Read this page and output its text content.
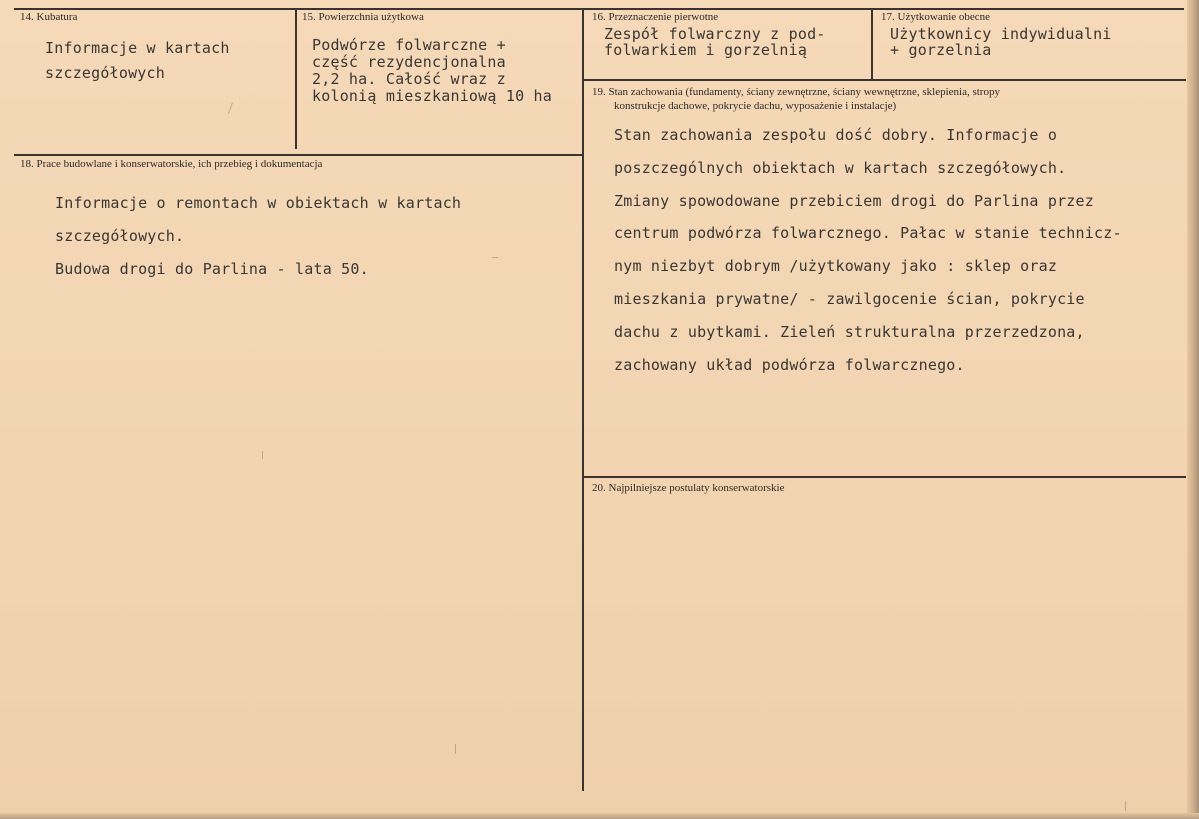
14. Kubatura
Informacje w kartach
szczegółowych
15. Powierzchnia użytkowa
Podwórze folwarczne +
część rezydencjonalna
2,2 ha. Całość wraz z
kolonią mieszkaniową 10 ha
16. Przeznaczenie pierwotne
Zespół folwarczny z pod-
folwarkiem i gorzelnią
17. Użytkowanie obecne
Użytkownicy indywidualni
+ gorzelnia
19. Stan zachowania (fundamenty, ściany zewnętrzne, ściany wewnętrzne, sklepienia, stropy
konstrukcje dachowe, pokrycie dachu, wyposażenie i instalacje)
Stan zachowania zespołu dość dobry. Informacje o
poszczególnych obiektach w kartach szczegółowych.
Zmiany spowodowane przebiciem drogi do Parlina przez
centrum podwórza folwarcznego. Pałac w stanie technicz-
nym niezbyt dobrym /użytkowany jako : sklep oraz
mieszkania prywatne/ - zawilgocenie ścian, pokrycie
dachu z ubytkami. Zieleń strukturalna przerzedzona,
zachowany układ podwórza folwarcznego.
18. Prace budowlane i konserwatorskie, ich przebieg i dokumentacja
Informacje o remontach w obiektach w kartach
szczegółowych.
Budowa drogi do Parlina - lata 50.
20. Najpilniejsze postulaty konserwatorskie
